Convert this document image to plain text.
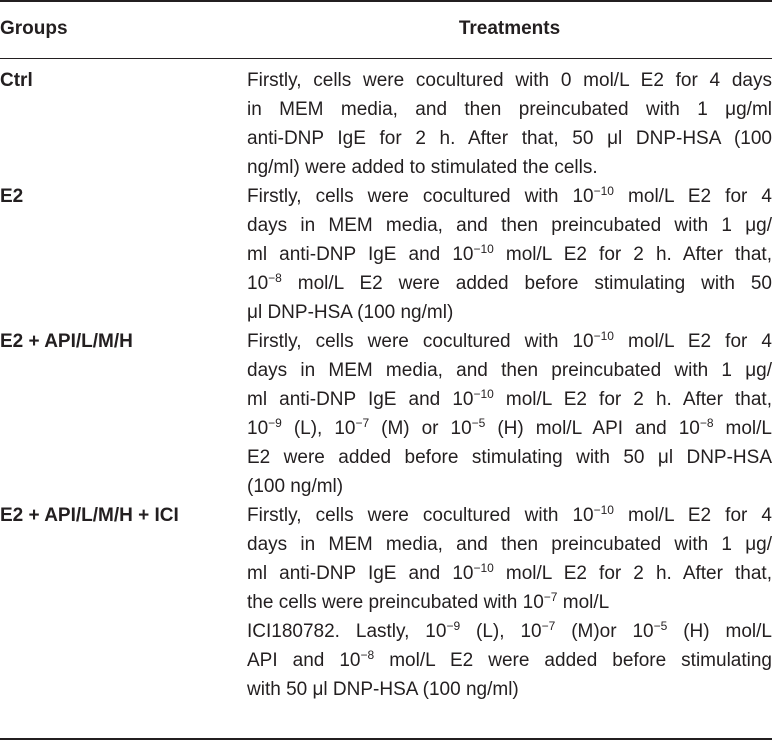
Groups	Treatments
Ctrl	Firstly, cells were cocultured with 0 mol/L E2 for 4 days
in MEM media, and then preincubated with 1 μg/ml
anti-DNP IgE for 2 h. After that, 50 μl DNP-HSA (100
ng/ml) were added to stimulated the cells.
E2	Firstly, cells were cocultured with $10^{-10}$ mol/L E2 for 4
days in MEM media, and then preincubated with 1 μg/
ml anti-DNP IgE and $10^{-10}$ mol/L E2 for 2 h. After that,
$10^{-8}$ mol/L E2 were added before stimulating with 50
μl DNP-HSA (100 ng/ml)
E2 + API/L/M/H	Firstly, cells were cocultured with $10^{-10}$ mol/L E2 for 4
days in MEM media, and then preincubated with 1 μg/
ml anti-DNP IgE and $10^{-10}$ mol/L E2 for 2 h. After that,
$10^{-9}$ (L), $10^{-7}$ (M) or $10^{-5}$ (H) mol/L API and $10^{-8}$ mol/L
E2 were added before stimulating with 50 μl DNP-HSA
(100 ng/ml)
E2 + API/L/M/H + ICI	Firstly, cells were cocultured with $10^{-10}$ mol/L E2 for 4
days in MEM media, and then preincubated with 1 μg/
ml anti-DNP IgE and $10^{-10}$ mol/L E2 for 2 h. After that,
the cells were preincubated with $10^{-7}$ mol/L
ICI180782. Lastly, $10^{-9}$ (L), $10^{-7}$ (M)or $10^{-5}$ (H) mol/L
API and $10^{-8}$ mol/L E2 were added before stimulating
with 50 μl DNP-HSA (100 ng/ml)
